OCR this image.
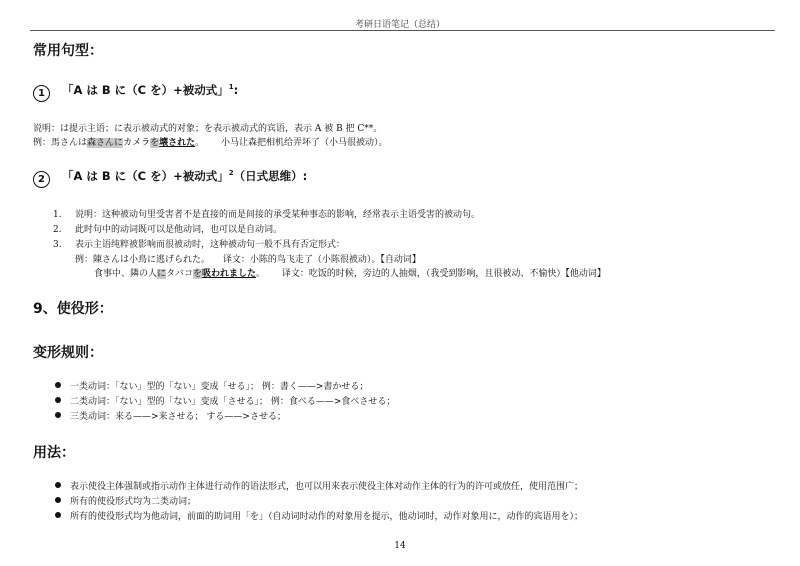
考研日语笔记（总结）
常用句型：
1 「A は B に（C を）+被动式」$^1$:
说明：は提示主语；に表示被动式的对象；を表示被动式的宾语，表示 A 被 B 把 C**。
例：馬さんは森さんにカメラを壊された。 小马让森把相机给弄坏了（小马很被动）。
2 「A は B に（C を）+被动式」$^2$（日式思维）:
1. 说明：这种被动句里受害者不是直接的而是间接的承受某种事态的影响，经常表示主语受害的被动句。
2. 此时句中的动词既可以是他动词，也可以是自动词。
3. 表示主语纯粹被影响而很被动时，这种被动句一般不具有否定形式：
例：陳さんは小鳥に逃げられた。 译文：小陈的鸟飞走了（小陈很被动）。【自动词】
食事中、隣の人にタバコを吸われました。 译文：吃饭的时候，旁边的人抽烟，（我受到影响，且很被动、不愉快）【他动词】
9、使役形：
变形规则：
一类动词：「ない」型的「ない」变成「せる」； 例：書く——>書かせる；
二类动词：「ない」型的「ない」变成「させる」； 例：食べる——>食べさせる；
三类动词：来る——>来させる； する——>させる；
用法：
表示使役主体强制或指示动作主体进行动作的语法形式，也可以用来表示使役主体对动作主体的行为的许可或放任，使用范围广；
所有的使役形式均为二类动词；
所有的使役形式均为他动词，前面的助词用「を」（自动词时动作的对象用を提示，他动词时，动作对象用に，动作的宾语用を）；
14
